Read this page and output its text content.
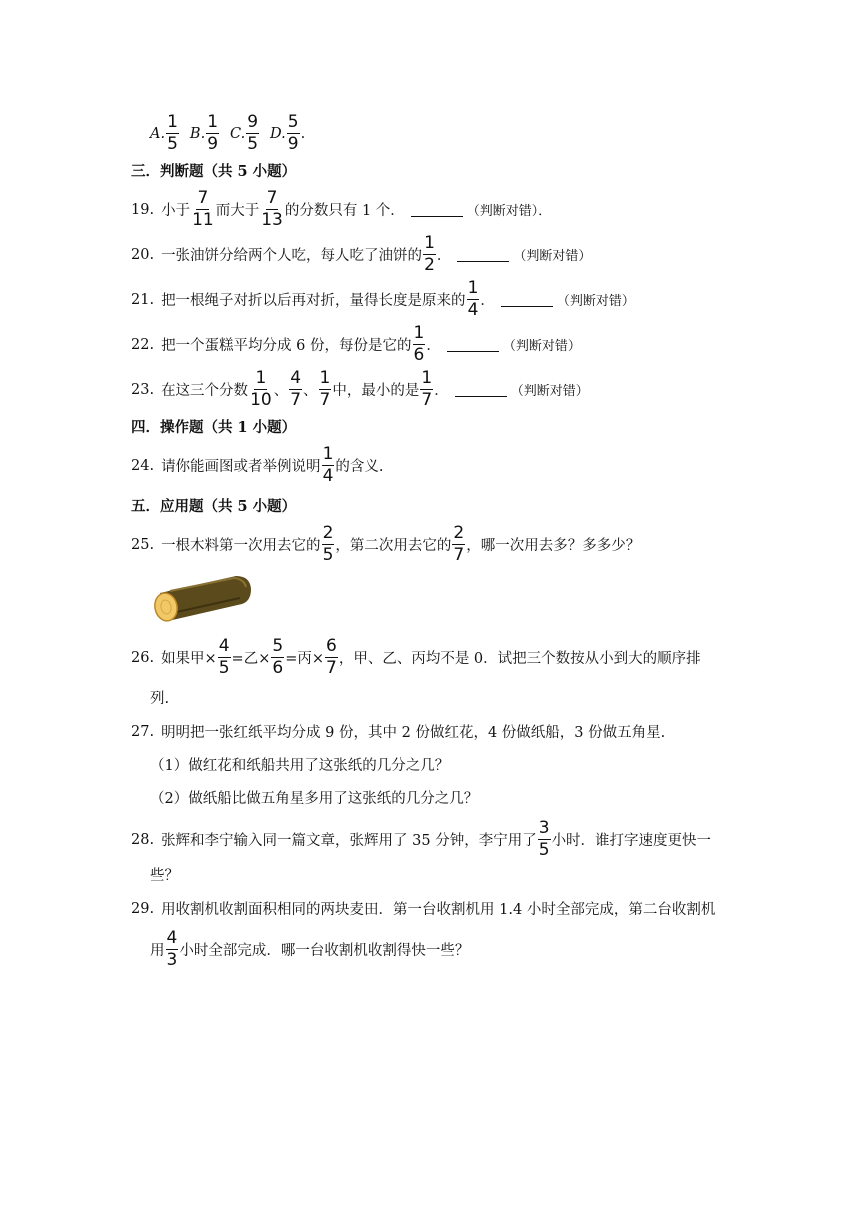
A. $\frac{1}{5} B$. $\frac{1}{9} C$. $\frac{9}{5} D$. $\frac{5}{9}$ .
三．判断题（共 5 小题）
19. 小于 $\frac{7}{11}$ 而大于 $\frac{7}{13}$ 的分数只有 1 个．	（判断对错）．
20. 一张油饼分给两个人吃，每人吃了油饼的 $\frac{1}{2}$ ．	（判断对错）
21. 把一根绳子对折以后再对折，量得长度是原来的 $\frac{1}{4}$ ．	（判断对错）
22. 把一个蛋糕平均分成 6 份，每份是它的 $\frac{1}{6}$ ．	（判断对错）
23. 在这三个分数 $\frac{1}{10}$ 、 $\frac{4}{7}$ 、 $\frac{1}{7}$ 中，最小的是 $\frac{1}{7}$ ．	（判断对错）
四．操作题（共 1 小题）
24. 请你能画图或者举例说明 $\frac{1}{4}$ 的含义.
五．应用题（共 5 小题）
25. 一根木料第一次用去它的 $\frac{2}{5}$ ，第二次用去它的 $\frac{2}{7}$ ，哪一次用去多？多多少？
26. 如果甲× $\frac{4}{5}$ =乙× $\frac{5}{6}$ =丙× $\frac{6}{7}$ ，甲、乙、丙均不是 0．试把三个数按从小到大的顺序排
列.
27. 明明把一张红纸平均分成 9 份，其中 2 份做红花，4 份做纸船，3 份做五角星.
（1）做红花和纸船共用了这张纸的几分之几？
（2）做纸船比做五角星多用了这张纸的几分之几？
28. 张辉和李宁输入同一篇文章，张辉用了 35 分钟，李宁用了 $\frac{3}{5}$ 小时．谁打字速度更快一
些？
29. 用收割机收割面积相同的两块麦田．第一台收割机用 1.4 小时全部完成，第二台收割机
用 $\frac{4}{3}$ 小时全部完成．哪一台收割机收割得快一些？
